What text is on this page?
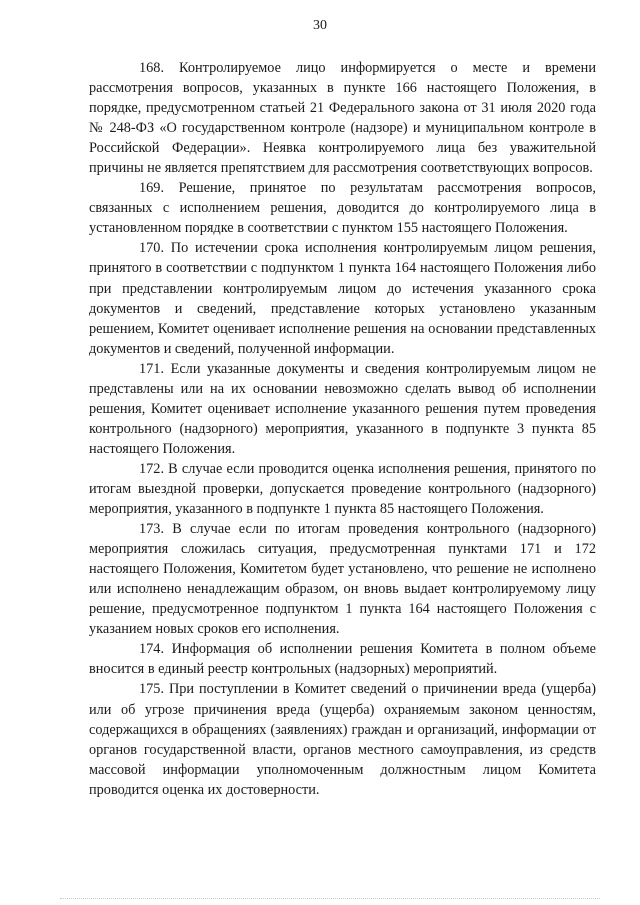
30

168. Контролируемое лицо информируется о месте и времени рассмотрения вопросов, указанных в пункте 166 настоящего Положения, в порядке, предусмотренном статьей 21 Федерального закона от 31 июля 2020 года № 248-ФЗ «О государственном контроле (надзоре) и муниципальном контроле в Российской Федерации». Неявка контролируемого лица без уважительной причины не является препятствием для рассмотрения соответствующих вопросов.

169. Решение, принятое по результатам рассмотрения вопросов, связанных с исполнением решения, доводится до контролируемого лица в установленном порядке в соответствии с пунктом 155 настоящего Положения.

170. По истечении срока исполнения контролируемым лицом решения, принятого в соответствии с подпунктом 1 пункта 164 настоящего Положения либо при представлении контролируемым лицом до истечения указанного срока документов и сведений, представление которых установлено указанным решением, Комитет оценивает исполнение решения на основании представленных документов и сведений, полученной информации.

171. Если указанные документы и сведения контролируемым лицом не представлены или на их основании невозможно сделать вывод об исполнении решения, Комитет оценивает исполнение указанного решения путем проведения контрольного (надзорного) мероприятия, указанного в подпункте 3 пункта 85 настоящего Положения.

172. В случае если проводится оценка исполнения решения, принятого по итогам выездной проверки, допускается проведение контрольного (надзорного) мероприятия, указанного в подпункте 1 пункта 85 настоящего Положения.

173. В случае если по итогам проведения контрольного (надзорного) мероприятия сложилась ситуация, предусмотренная пунктами 171 и 172 настоящего Положения, Комитетом будет установлено, что решение не исполнено или исполнено ненадлежащим образом, он вновь выдает контролируемому лицу решение, предусмотренное подпунктом 1 пункта 164 настоящего Положения с указанием новых сроков его исполнения.

174. Информация об исполнении решения Комитета в полном объеме вносится в единый реестр контрольных (надзорных) мероприятий.

175. При поступлении в Комитет сведений о причинении вреда (ущерба) или об угрозе причинения вреда (ущерба) охраняемым законом ценностям, содержащихся в обращениях (заявлениях) граждан и организаций, информации от органов государственной власти, органов местного самоуправления, из средств массовой информации уполномоченным должностным лицом Комитета проводится оценка их достоверности.
